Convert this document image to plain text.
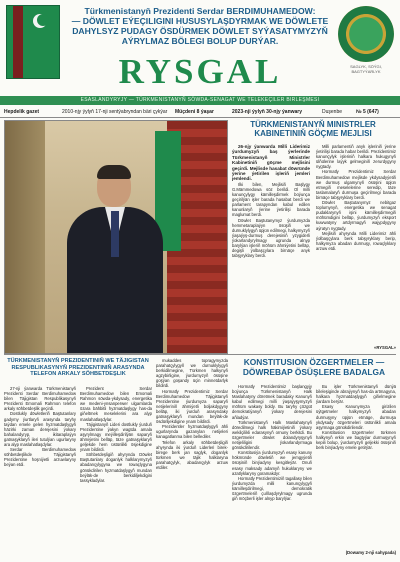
Türkmenistanyň Prezidenti Serdar BERDIMUHAMEDOW:
— DÖWLET EÝEÇILIGINI HUSUSYLAŞDYRMAK WE DÖWLETE DAHYLSYZ PUDAGY ÖSDÜRMEK DÖWLET SYÝASATYMYZYŇ AÝRYLMAZ BÖLEGI BOLUP DURÝAR.
SAGLYK, SÖÝGI, BAGTYÝARLYK
RYSGAL
ESASLANDYRYJY — TÜRKMENISTANYŇ SÖWDA-SENAGAT WE TELEKEÇILER BIRLEŞMESI
Hepdelik gazet	2010-njy ýylyň 17-nji sentýabryndan bäri çykýar Müçdeni 8 ýaşar	2023-nji ýylyň 30-njy ýanwary	Duşenbe	№ 5 (647)
TÜRKMENISTANYŇ MINISTRLER KABINETINIŇ GÖÇME MEJLISI

26-njy ýanwarda Milli Liderimiz ýurdumyzyň baş ýerlerinde Türkmenistanyň Ministrler Kabinetiniň göçme mejlisini geçirdi. Mejlisde hasabat döwründe ýerine ýetirilen işleriň jemleri jemlendi.

Ilki bilen, Mejlisiň Başlygy G.Mämmedowa söz berildi. Ol milli kanunçylygy kämilleşdirmek boýunça geçirilýän işler barada hasabat berdi we parlament tarapyndan kabul edilen kanunlaryň ýerine ýetirilişi barada maglumat berdi.

Döwlet Baştutanymyz ýurdumyzda hemmetaraplaýyn ösüşiň we durnuklylygyň üpjün edilmegi, halkymyzyň ýaşaýyş-durmuş derejesiniň yzygiderli ýokarlandyrylmagy ugrunda alnyp barylýan işleriň möhüm ähmiýetini belläp, degişli ýolbaşçylara birnäçe anyk tabşyryklary berdi.

Milli parlamentiň anyk işleriniň ýerine ýetirilişi barada habar berildi. Prezidentimiz kanunçylyk işleriniň halkara hukugynyň ülňülerine laýyk gelmeginiň zerurdygyny nygtady.

Hormatly Prezidentimiz Serdar Berdimuhamedow mejlisde ykdysadyýetiň we durmuş ulgamynyň ösüşini üpjün etmegiň meselelerine seredip, täze taslamalaryň durmuşa geçirilmegi barada birnäçe tabşyryklary berdi.

Döwlet Baştutanymyz nebitgaz toplumynyň, energetika we senagat pudaklarynyň işini kämilleşdirmegiň möhümdigini belläp, ýurdumyzyň eksport kuwwatyny artdyrmagyň wajypdygyny aýratyn nygtady.

Mejlisiň ahyrynda Milli Liderimiz ähli ýolbaşçylara berk tabşyryklary berip, halkymyza abadan durmuşy, rowaçlyklary arzuw etdi.

«RYSGAL»
TÜRKMENISTANYŇ PREZIDENTINIŇ WE TÄJIGISTAN RESPUBLIKASYNYŇ PREZIDENTINIŇ ARASYNDA TELEFON ARKALY SÖHBETDEŞLIK

27-nji ýanwarda Türkmenistanyň Prezidenti Serdar Berdimuhamedow bilen Täjigistan Respublikasynyň Prezidenti Emomali Rahmon telefon arkaly söhbetdeşlik geçirdi.

Dostlukly döwletleriň Baştutanlary gadymy ýurtlaryň arasynda taryhy taýdan emele gelen hyzmatdaşlygyň häzirki zaman derejesini ýokary bahalandyryp, ikitaraplaýyn gatnaşyklaryň ileri tutulýan ugurlaryny ara alyp maslahatlaşdylar.

Serdar Berdimuhamedow söhbetdeşlikde Täjigistanyň Prezidentine hoşniýetli arzuwlaryny beýan etdi.

Prezident Serdar Berdimuhamedow bilen Emomali Rahmon söwda-ykdysady, energetika we medeni-ynsanperwer ulgamlarda özara bähbitli hyzmatdaşlygy has-da giňeltmek meselelerini ara alyp maslahatlaşdylar.

Täjigistanyň Lideri dostlukly ýurduň Prezidentine ýakyn wagtda amala aşyrylmagy meýilleşdirilýän saparyň ähmiýetini belläp, täze gatnaşyklaryň geljekde hem üstünlikli ösjekdigine ynam bildirdi.

Söhbetdeşligiň ahyrynda Döwlet Baştutanlary doganlyk halklarymyzyň abadançylygyna we rowaçlygyna gönükdirilen hyzmatdaşlygyň mundan beýläk-de berkidiljekdigini tassykladylar.

mukaddes topragymyzda parahatçylygyň we durnuklylygyň berkidilmegine, Türkmen halkynyň agzybirligine, ýurdumyzyň ösüşine goşýan goşandy üçin minnetdarlyk bildirdi.

Hormatly Prezidentimiz Serdar Berdimuhamedow Täjigistanyň Prezidentine ýurdumyza saparyň netijeleriniň ähmiýetli boljakdygyny belläp, iki ýurduň arasyndaky gatnaşyklaryň mundan beýläk-de ösdüriljekdigine ynam bildirdi.

Prezidentler hyzmatdaşlygyň ähli ugurlarynda gazanylan netijeleri kanagatlanma bilen bellediler.

Telefon arkaly söhbetdeşligiň ahyrynda iki ýurduň Liderleri birek-birege berk jan saglyk, doganlyk türkmen we täjik halklaryna parahatçylyk, abadançylyk arzuw etdiler.

KONSTITUSION ÖZGERTMELER — DÖWREBAP ÖSÜŞLERE BADALGA

Hormatly Prezidentimiz başlangyjy boýunça Türkmenistanyň Halk Maslahatyny döretmek baradaky Kanunyň kabul edilmegi milli ýaşaýyşymyzyň möhüm wakasy boldy. Bu taryhy çözgüt demokratiýanyň ýokary derejesini aňladýar.

Türkmenistanyň Halk Maslahatynyň döredilmegi halk häkimiýetiniň ýokary wekilçilikli edarasynyň ornuny berkitdi. Bu özgertmeler döwlet dolandyryşynyň netijeliligini ýokarlandyrmaga gönükdirilendir.

Konstitusiýa ýurdumyzyň esasy kanuny hökmünde döwletiň we jemgyýetiň ösüşiniň binýadyny kesgitleýär. Onuň esasy maksady adamyň hukuklaryny we azatlyklaryny goramakdyr.

Hormatly Prezidentimiziň tagallasy bilen ýurdumyzda milli kanunçylygyň kämilleşdirilmegi, demokratik özgertmeleriň çuňlaşdyrylmagy ugrunda giň möçberli işler alnyp barylýar.

Bu işler Türkmenistanyň dünýä bileleşiginde abraýynyň has-da artmagyna, halkara hyzmatdaşlygyň giňelmegine ýardam berýär.

Esasy Kanunymyza girizilen üýtgetmeler halkymyzyň abadan durmuşyny üpjün etmäge, durmuşa ykdysady özgertmeleri üstünlikli amala aşyrmaga gönükdirilendir.

Konstitusion özgertmeler türkmen halkynyň erkin we bagtyýar durmuşynyň kepili bolup, ýurdumyzyň geljekki ösüşiniň berk binýadyny emele getirýär.

(Dowamy 2-nji sahypada)
